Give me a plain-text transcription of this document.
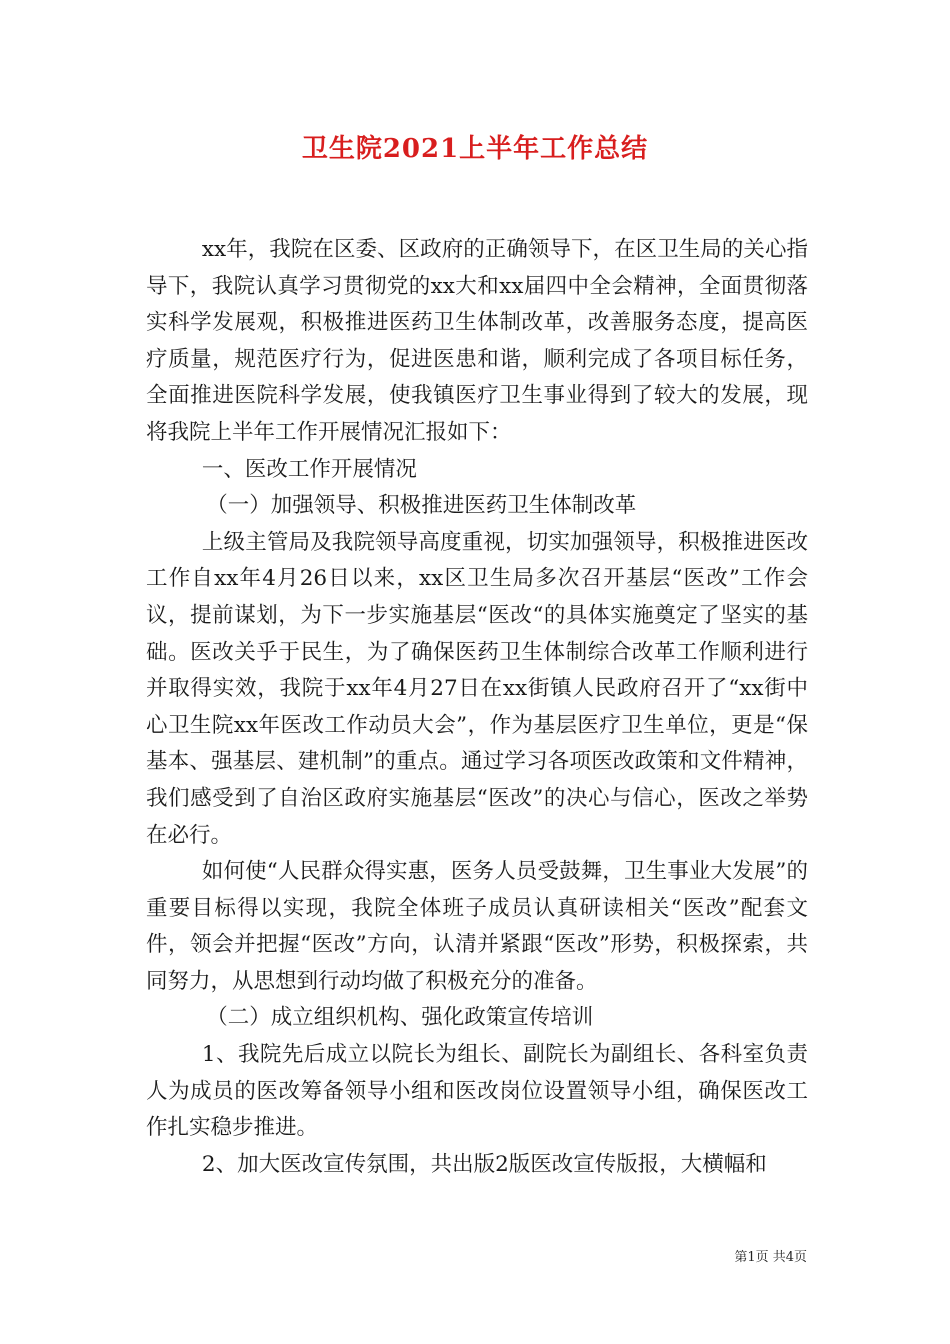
卫生院2021上半年工作总结

xx年，我院在区委、区政府的正确领导下，在区卫生局的关心指导下，我院认真学习贯彻党的xx大和xx届四中全会精神，全面贯彻落实科学发展观，积极推进医药卫生体制改革，改善服务态度，提高医疗质量，规范医疗行为，促进医患和谐，顺利完成了各项目标任务，全面推进医院科学发展，使我镇医疗卫生事业得到了较大的发展，现将我院上半年工作开展情况汇报如下：

一、医改工作开展情况

（一）加强领导、积极推进医药卫生体制改革

上级主管局及我院领导高度重视，切实加强领导，积极推进医改工作自xx年4月26日以来，xx区卫生局多次召开基层“医改”工作会议，提前谋划，为下一步实施基层“医改“的具体实施奠定了坚实的基础。医改关乎于民生，为了确保医药卫生体制综合改革工作顺利进行并取得实效，我院于xx年4月27日在xx街镇人民政府召开了“xx街中心卫生院xx年医改工作动员大会”，作为基层医疗卫生单位，更是“保基本、强基层、建机制”的重点。通过学习各项医改政策和文件精神，我们感受到了自治区政府实施基层“医改”的决心与信心，医改之举势在必行。

如何使“人民群众得实惠，医务人员受鼓舞，卫生事业大发展”的重要目标得以实现，我院全体班子成员认真研读相关“医改”配套文件，领会并把握“医改”方向，认清并紧跟“医改”形势，积极探索，共同努力，从思想到行动均做了积极充分的准备。

（二）成立组织机构、强化政策宣传培训

1、我院先后成立以院长为组长、副院长为副组长、各科室负责人为成员的医改筹备领导小组和医改岗位设置领导小组，确保医改工作扎实稳步推进。

2、加大医改宣传氛围，共出版2版医改宣传版报，大横幅和

第1页 共4页
